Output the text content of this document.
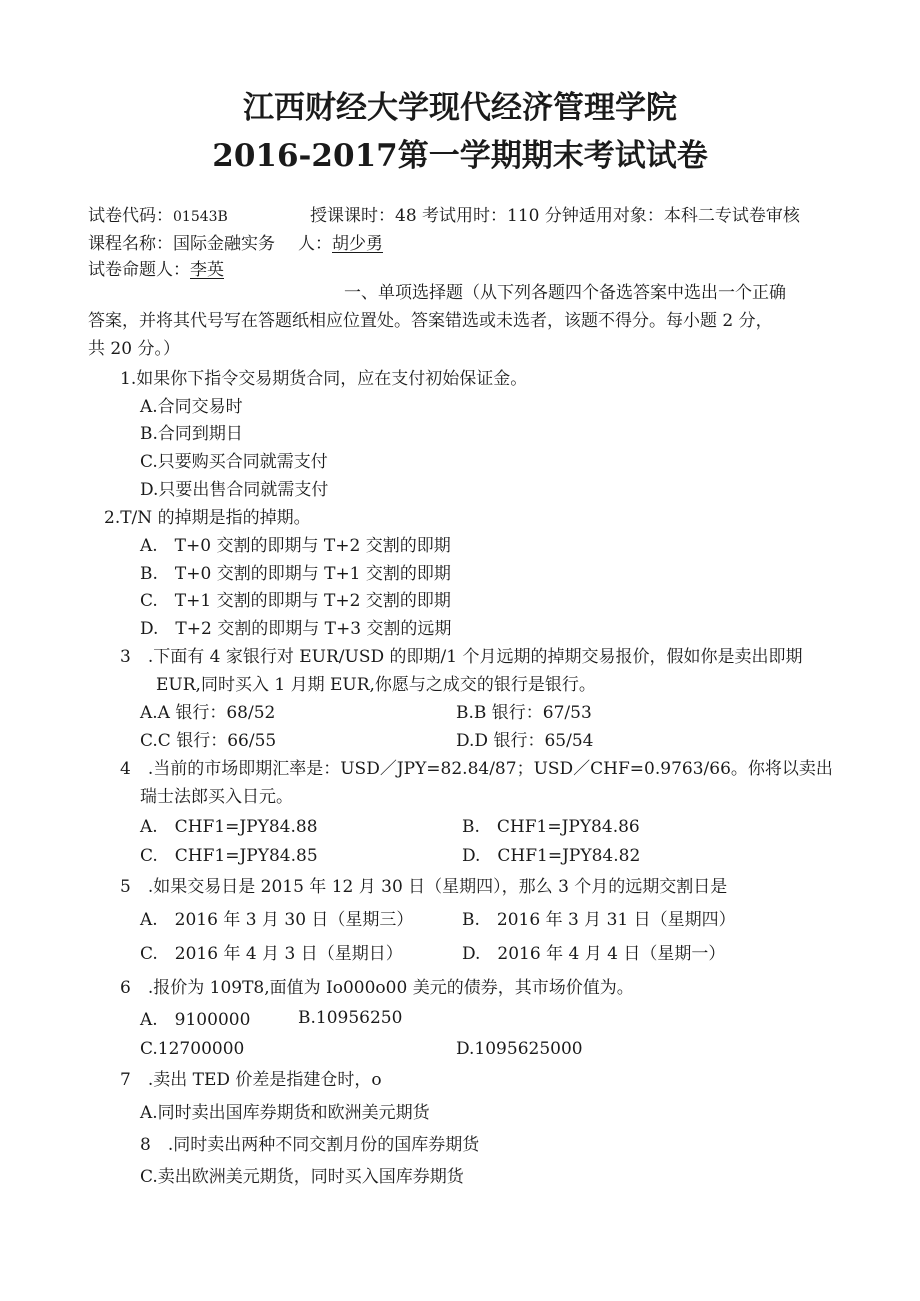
江西财经大学现代经济管理学院
2016-2017第一学期期末考试试卷
试卷代码：01543B	授课课时：48 考试用时：110 分钟适用对象：本科二专试卷审核
课程名称：国际金融实务 人：胡少勇
试卷命题人：李英
一、单项选择题（从下列各题四个备选答案中选出一个正确
答案，并将其代号写在答题纸相应位置处。答案错选或未选者，该题不得分。每小题 2 分，
共 20 分。）
1.如果你下指令交易期货合同，应在支付初始保证金。
A.合同交易时
B.合同到期日
C.只要购买合同就需支付
D.只要出售合同就需支付
2.T/N 的掉期是指的掉期。
A.　T+0 交割的即期与 T+2 交割的即期
B.　T+0 交割的即期与 T+1 交割的即期
C.　T+1 交割的即期与 T+2 交割的即期
D.　T+2 交割的即期与 T+3 交割的远期
3　.下面有 4 家银行对 EUR/USD 的即期/1 个月远期的掉期交易报价，假如你是卖出即期
EUR,同时买入 1 月期 EUR,你愿与之成交的银行是银行。
A.A 银行：68/52	B.B 银行：67/53
C.C 银行：66/55	D.D 银行：65/54
4　.当前的市场即期汇率是：USD／JPY=82.84/87；USD／CHF=0.9763/66。你将以卖出
瑞士法郎买入日元。
A.　CHF1=JPY84.88	B.　CHF1=JPY84.86
C.　CHF1=JPY84.85	D.　CHF1=JPY84.82
5　.如果交易日是 2015 年 12 月 30 日（星期四），那么 3 个月的远期交割日是
A.　2016 年 3 月 30 日（星期三）	B.　2016 年 3 月 31 日（星期四）
C.　2016 年 4 月 3 日（星期日）	D.　2016 年 4 月 4 日（星期一）
6　.报价为 109T8,面值为 Io000o00 美元的债券，其市场价值为。
A.　9100000	B.10956250
C.12700000	D.1095625000
7　.卖出 TED 价差是指建仓时，o
A.同时卖出国库券期货和欧洲美元期货
8　.同时卖出两种不同交割月份的国库券期货
C.卖出欧洲美元期货，同时买入国库券期货
